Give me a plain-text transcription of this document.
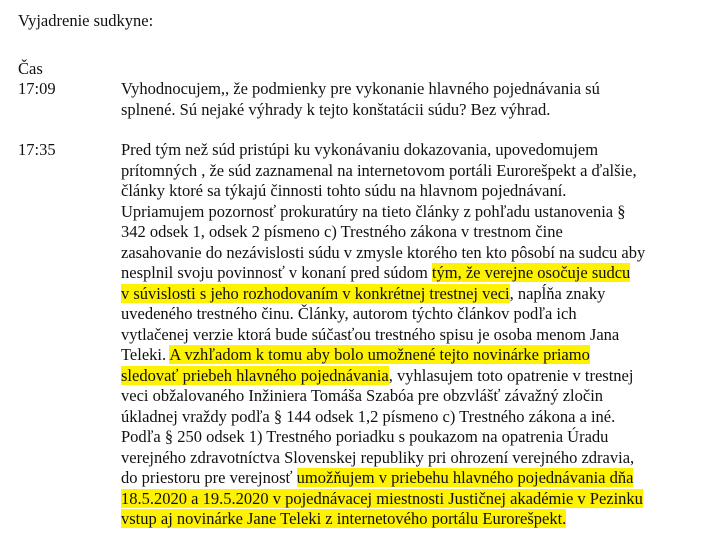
Vyjadrenie sudkyne:
Čas
17:09
17:35
Vyhodnocujem,, že podmienky pre vykonanie hlavného pojednávania sú
splnené. Sú nejaké výhrady k tejto konštatácii súdu? Bez výhrad.
Pred tým než súd pristúpi ku vykonávaniu dokazovania, upovedomujem
prítomných , že súd zaznamenal na internetovom portáli Eurorešpekt a ďalšie,
články ktoré sa týkajú činnosti tohto súdu na hlavnom pojednávaní.
Upriamujem pozornosť prokuratúry na tieto články z pohľadu ustanovenia §
342 odsek 1, odsek 2 písmeno c) Trestného zákona v trestnom čine
zasahovanie do nezávislosti súdu v zmysle ktorého ten kto pôsobí na sudcu aby
nesplnil svoju povinnosť v konaní pred súdom tým, že verejne osočuje sudcu
v súvislosti s jeho rozhodovaním v konkrétnej trestnej veci, napĺňa znaky
uvedeného trestného činu. Články, autorom týchto článkov podľa ich
vytlačenej verzie ktorá bude súčasťou trestného spisu je osoba menom Jana
Teleki. A vzhľadom k tomu aby bolo umožnené tejto novinárke priamo
sledovať priebeh hlavného pojednávania, vyhlasujem toto opatrenie v trestnej
veci obžalovaného Inžiniera Tomáša Szabóa pre obzvlášť závažný zločin
úkladnej vraždy podľa § 144 odsek 1,2 písmeno c) Trestného zákona a iné.
Podľa § 250 odsek 1) Trestného poriadku s poukazom na opatrenia Úradu
verejného zdravotníctva Slovenskej republiky pri ohrození verejného zdravia,
do priestoru pre verejnosť umožňujem v priebehu hlavného pojednávania dňa
18.5.2020 a 19.5.2020 v pojednávacej miestnosti Justičnej akadémie v Pezinku
vstup aj novinárke Jane Teleki z internetového portálu Eurorešpekt.
